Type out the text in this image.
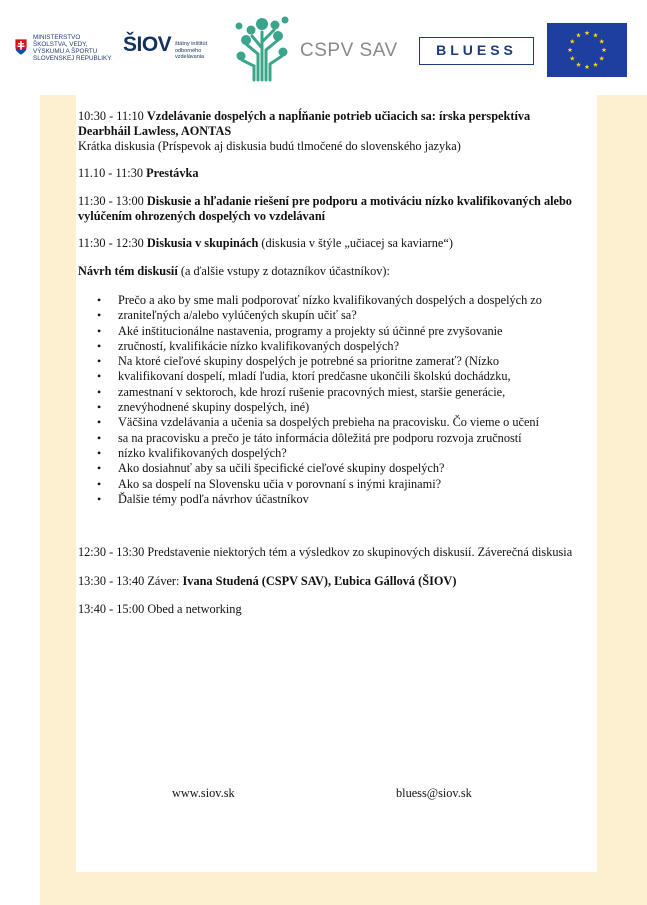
MINISTERSTVO
ŠKOLSTVA, VEDY,
VÝSKUMU A ŠPORTU
SLOVENSKEJ REPUBLIKY
ŠIOV štátny inštitút
odborného
vzdelávania	CSPV SAV	BLUESS
10:30 - 11:10 Vzdelávanie dospelých a napĺňanie potrieb učiacich sa: írska perspektíva
Dearbháil Lawless, AONTAS
Krátka diskusia (Príspevok aj diskusia budú tlmočené do slovenského jazyka)
11.10 - 11:30 Prestávka
11:30 - 13:00 Diskusie a hľadanie riešení pre podporu a motiváciu nízko kvalifikovaných alebo vylúčením ohrozených dospelých vo vzdelávaní
11:30 - 12:30 Diskusia v skupinách (diskusia v štýle „učiacej sa kaviarne“)
Návrh tém diskusií (a ďalšie vstupy z dotazníkov účastníkov):
• Prečo a ako by sme mali podporovať nízko kvalifikovaných dospelých a dospelých zo
• zraniteľných a/alebo vylúčených skupín učiť sa?
• Aké inštitucionálne nastavenia, programy a projekty sú účinné pre zvyšovanie
• zručností, kvalifikácie nízko kvalifikovaných dospelých?
• Na ktoré cieľové skupiny dospelých je potrebné sa prioritne zamerať? (Nízko
• kvalifikovaní dospelí, mladí ľudia, ktorí predčasne ukončili školskú dochádzku,
• zamestnaní v sektoroch, kde hrozí rušenie pracovných miest, staršie generácie,
• znevýhodnené skupiny dospelých, iné)
• Väčšina vzdelávania a učenia sa dospelých prebieha na pracovisku. Čo vieme o učení
• sa na pracovisku a prečo je táto informácia dôležitá pre podporu rozvoja zručností
• nízko kvalifikovaných dospelých?
• Ako dosiahnuť aby sa učili špecifické cieľové skupiny dospelých?
• Ako sa dospelí na Slovensku učia v porovnaní s inými krajinami?
• Ďalšie témy podľa návrhov účastníkov
12:30 - 13:30 Predstavenie niektorých tém a výsledkov zo skupinových diskusií. Záverečná diskusia
13:30 - 13:40 Záver: Ivana Studená (CSPV SAV), Ľubica Gállová (ŠIOV)
13:40 - 15:00 Obed a networking
www.siov.sk	bluess@siov.sk
